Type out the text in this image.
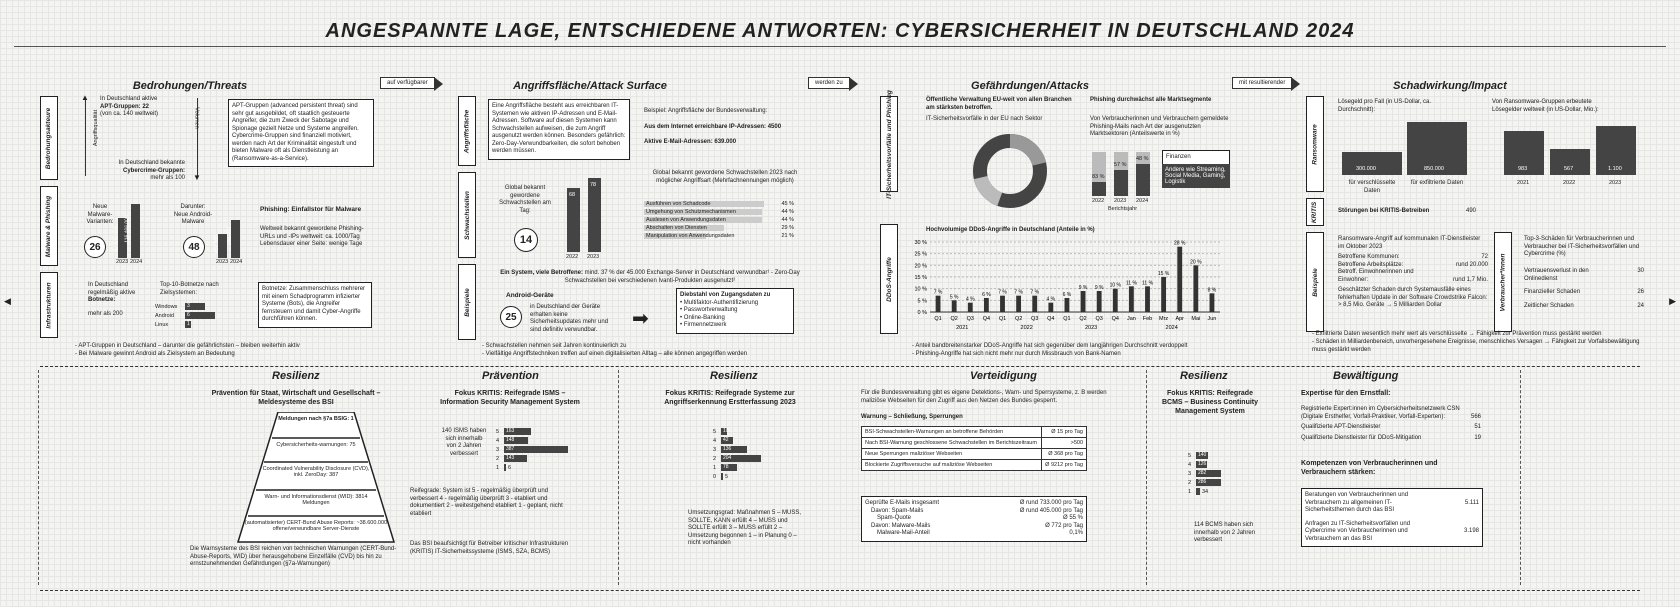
ANGESPANNTE LAGE, ENTSCHIEDENE ANTWORTEN: CYBERSICHERHEIT IN DEUTSCHLAND 2024
◀	▶
Bedrohungen/Threats	Angriffsfläche/Attack Surface	Gefährdungen/Attacks	Schadwirkung/Impact
auf verfügbarer	werden zu	mit resultierender
Bedrohungsakteure
Malware & Phishing
Infrastrukturen
▲
Angriffsqualität
▼
Volumen
In Deutschland aktive
APT-Gruppen: 22
(von ca. 140 weltweit)
In Deutschland bekannte
Cybercrime-Gruppen:
mehr als 100
APT-Gruppen (advanced persistent threat) sind sehr gut ausgebildet, oft staatlich gesteuerte Angreifer, die zum Zweck der Sabotage und Spionage gezielt Netze und Systeme angreifen. Cybercrime-Gruppen sind finanziell motiviert, werden nach Art der Kriminalität eingestuft und bieten Malware oft als Dienstleistung an (Ransomware-as-a-Service).
Neue Malware-Varianten:
26
2023 2024
92 931 000 116 466 000
Darunter: Neue Android-Malware
48
2023 2024
451 000 790 000
Phishing: Einfallstor für Malware
Weltweit bekannt gewordene Phishing-URLs und -IPs weltweit: ca. 1000/Tag Lebensdauer einer Seite: wenige Tage
In Deutschland regelmäßig aktive
Botnetze:
mehr als 200
Top-10-Botnetze nach Zielsystemen:
Windows	3
Android	6
Linux	1
Botnetze: Zusammenschluss mehrerer mit einem Schadprogramm infizierter Systeme (Bots), die Angreifer fernsteuern und damit Cyber-Angriffe durchführen können.
- APT-Gruppen in Deutschland – darunter die gefährlichsten – bleiben weiterhin aktiv
- Bei Malware gewinnt Android als Zielsystem an Bedeutung
Angriffsfläche
Schwachstellen
Beispiele
Eine Angriffsfläche besteht aus erreichbaren IT-Systemen wie aktiven IP-Adressen und E-Mail-Adressen. Software auf diesen Systemen kann Schwachstellen aufweisen, die zum Angriff ausgenutzt werden können. Besonders gefährlich: Zero-Day-Verwundbarkeiten, die sofort behoben werden müssen.
Beispiel: Angriffsfläche der Bundesverwaltung:
Aus dem Internet erreichbare IP-Adressen: 4500
Aktive E-Mail-Adressen: 639.000
Global bekannt gewordene Schwachstellen am Tag:
14
68
78
2022 2023
Global bekannt gewordene Schwachstellen 2023 nach möglicher Angriffsart (Mehrfachnennungen möglich)
Ausführen von Schadcode	45 %
Umgehung von Schutzmechanismen	44 %
Auslesen von Anwendungsdaten	44 %
Abschalten von Diensten	29 %
Manipulation von Anwendungsdaten	21 %
Ein System, viele Betroffene: mind. 37 % der 45.000 Exchange-Server in Deutschland verwundbar¹ - Zero-Day Schwachstellen bei verschiedenen Ivanti-Produkten ausgenutzt²
Android-Geräte
25
in Deutschland der Geräte erhalten keine Sicherheitsupdates mehr und sind definitiv verwundbar.	➡
Diebstahl von Zugangsdaten zu
• Multifaktor-Authentifizierung
• Passwortverwaltung
• Online-Banking
• Firmennetzwerk
- Schwachstellen nehmen seit Jahren kontinuierlich zu
- Vielfältige Angriffstechniken treffen auf einen digitalisierten Alltag – alle können angegriffen werden
IT-Sicherheitsvorfälle und Phishing
DDoS-Angriffe
Öffentliche Verwaltung EU-weit von allen Branchen am stärksten betroffen.
IT-Sicherheitsvorfälle in der EU nach Sektor
Phishing durchwächst alle Marktsegmente
Von Verbraucherinnen und Verbrauchern gemeldete Phishing-Mails nach Art der ausgenutzten Marktsektoren (Anteilswerte in %)
83 %
57 %
48 %
2022 2023 2024
Berichtsjahr
Finanzen
Andere wie Streaming, Social Media, Gaming, Logistik
Hochvolumige DDoS-Angriffe in Deutschland (Anteile in %)
0 %
5 %
10 %
15 %
20 %
25 %
30 %
7 %
Q1
5 %
Q2
4 %
Q3
6 %
Q4
7 %
Q1
7 %
Q2
7 %
Q3
4 %
Q4
6 %
Q1
9 %
Q2
9 %
Q3
10 %
Q4
11 %
Jan
11 %
Feb
15 %
Mrz
28 %
Apr
20 %
Mai
8 %
Jun
2021	2022	2023	2024
- Anteil bandbreitenstarker DDoS-Angriffe hat sich gegenüber dem langjährigen Durchschnitt verdoppelt
- Phishing-Angriffe hat sich nicht mehr nur durch Missbrauch von Bank-Namen
Ransomware
KRITIS
Beispiele	Verbraucher*innen
Lösegeld pro Fall (in US-Dollar, ca. Durchschnitt):
300.000	850.000
für verschlüsselte Daten
für exfiltrierte Daten
Von Ransomware-Gruppen erbeutete Lösegelder weltweit (in US-Dollar, Mio.):
983	567	1.100
2021	2022	2023
Störungen bei KRITIS-Betreiben	490
Ransomware-Angriff auf kommunalen IT-Dienstleister im Oktober 2023
Betroffene Kommunen:	72
Betroffene Arbeitsplätze:	rund 20.000
Betroff. Einwohnerinnen und Einwohner:	rund 1,7 Mio.
Geschätzter Schaden durch Systemausfälle eines fehlerhaften Update in der Software Crowdstrike Falcon: > 8,5 Mio. Geräte → 5 Milliarden Dollar
Top-3-Schäden für Verbraucherinnen und Verbraucher bei IT-Sicherheitsvorfällen und Cybercrime (%)
Vertrauensverlust in den Onlinedienst
30
Finanzieller Schaden	26
Zeitlicher Schaden	24
- Exfiltrierte Daten wesentlich mehr wert als verschlüsselte → Fähigkeit zur Prävention muss gestärkt werden
- Schäden in Milliardenbereich, unvorhergesehene Ereignisse, menschliches Versagen → Fähigkeit zur Vorfallsbewältigung muss gestärkt werden
Resilienz	Prävention	Resilienz	Verteidigung	Resilienz	Bewältigung
Prävention für Staat, Wirtschaft und Gesellschaft – Meldesysteme des BSI
Meldungen nach §7a BSIG: 1
Cybersicherheits-warnungen: 75
Coordinated Vulnerability Disclosure (CVD), inkl. ZeroDay: 387
Warn- und Informationsdienst (WID): 3814 Meldungen
(automatisierter) CERT-Bund Abuse Reports: ~38.600.000 offene/verwundbare Server-Dienste
Die Warnsysteme des BSI reichen von technischen Warnungen (CERT-Bund-Abuse-Reports, WID) über herausgehobene Einzelfälle (CVD) bis hin zu ernstzunehmenden Gefährdungen (§7a-Warnungen)
Fokus KRITIS: Reifegrade ISMS – Information Security Management System
140 ISMS haben sich innerhalb von 2 Jahren verbessert
5	163
4	148
3	387
2	143
1	6
Reifegrade: System ist 5 - regelmäßig überprüft und verbessert 4 - regelmäßig überprüft 3 - etabliert und dokumentiert 2 - weitestgehend etabliert 1 - geplant, nicht etabliert
Das BSI beaufsichtigt für Betreiber kritischer Infrastrukturen (KRITIS) IT-Sicherheitssysteme (ISMS, SZA, BCMS)
Fokus KRITIS: Reifegrade Systeme zur Angriffserkennung Erstterfassung 2023
5	10
4	42
3	136
2	204
1	78
0	5
Umsetzungsgrad: Maßnahmen 5 – MUSS, SOLLTE, KANN erfüllt 4 – MUSS und SOLLTE erfüllt 3 – MUSS erfüllt 2 – Umsetzung begonnen 1 – in Planung 0 – nicht vorhanden
Für die Bundesverwaltung gibt es eigene Detektions-, Warn- und Sperrsysteme, z. B werden maliziöse Webseiten für den Zugriff aus den Netzen des Bundes gesperrt.
Warnung – Schließung, Sperrungen
BSI-Schwachstellen-Warnungen an betroffene Behörden	Ø 15 pro Tag
Nach BSI-Warnung geschlossene Schwachstellen im Berichtszeitraum	>500
Neue Sperrungen maliziöser Webseiten	Ø 368 pro Tag
Blockierte Zugriffsversuche auf maliziöse Webseiten	Ø 9212 pro Tag
Geprüfte E-Mails insgesamt	Ø rund 733.000 pro Tag
Davon: Spam-Mails	Ø rund 405.000 pro Tag
Spam-Quote	Ø 55 %
Davon: Malware-Mails	Ø 772 pro Tag
Malware-Mail-Anteil	0,1%
Fokus KRITIS: Reifegrade BCMS – Business Continuity Management System
5	140
4	126
3	282
2	286
1	34
114 BCMS haben sich innerhalb von 2 Jahren verbessert
Expertise für den Ernstfall:
Registrierte Expert:innen im Cybersicherheitsnetzwerk CSN (Digitale Ersthelfer, Vorfall-Praktiker, Vorfall-Experten):	566
Qualifizierte APT-Dienstleister	51
Qualifizierte Dienstleister für DDoS-Mitigation	19
Kompetenzen von Verbraucherinnen und Verbrauchern stärken:
Beratungen von Verbraucherinnen und Verbrauchern zu allgemeinen IT-Sicherheitsthemen durch das BSI
5.111
Anfragen zu IT-Sicherheitsvorfällen und Cybercrime von Verbraucherinnen und Verbrauchern an das BSI
3.198
